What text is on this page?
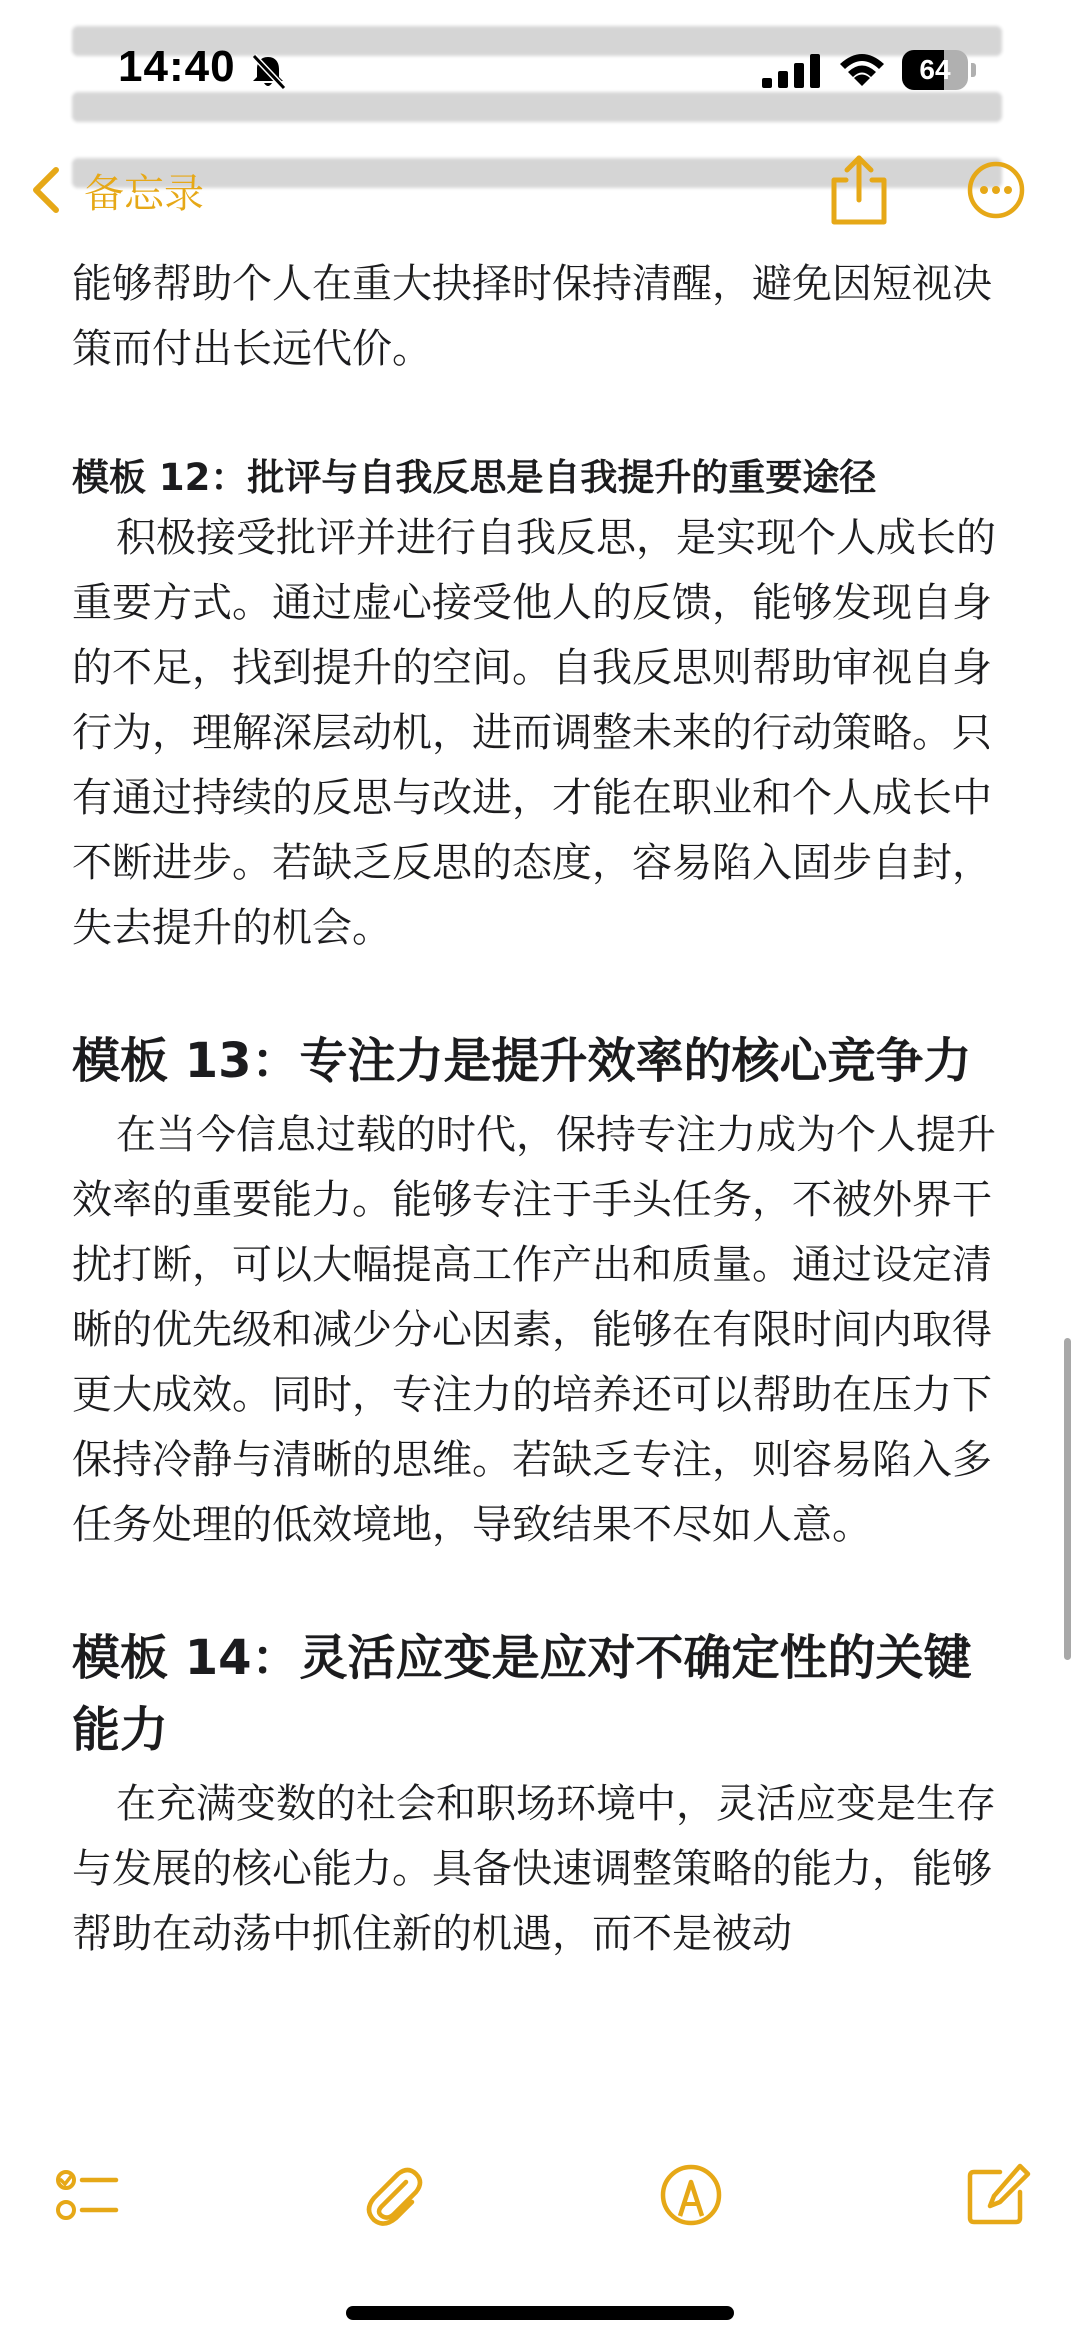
14:40	64
备忘录

能够帮助个人在重大抉择时保持清醒，避免因短视决策而付出长远代价。

模板 12：批评与自我反思是自我提升的重要途径

积极接受批评并进行自我反思，是实现个人成长的重要方式。通过虚心接受他人的反馈，能够发现自身的不足，找到提升的空间。自我反思则帮助审视自身行为，理解深层动机，进而调整未来的行动策略。只有通过持续的反思与改进，才能在职业和个人成长中不断进步。若缺乏反思的态度，容易陷入固步自封，失去提升的机会。

模板 13：专注力是提升效率的核心竞争力

在当今信息过载的时代，保持专注力成为个人提升效率的重要能力。能够专注于手头任务，不被外界干扰打断，可以大幅提高工作产出和质量。通过设定清晰的优先级和减少分心因素，能够在有限时间内取得更大成效。同时，专注力的培养还可以帮助在压力下保持冷静与清晰的思维。若缺乏专注，则容易陷入多任务处理的低效境地，导致结果不尽如人意。

模板 14：灵活应变是应对不确定性的关键能力

在充满变数的社会和职场环境中，灵活应变是生存与发展的核心能力。具备快速调整策略的能力，能够帮助在动荡中抓住新的机遇，而不是被动
